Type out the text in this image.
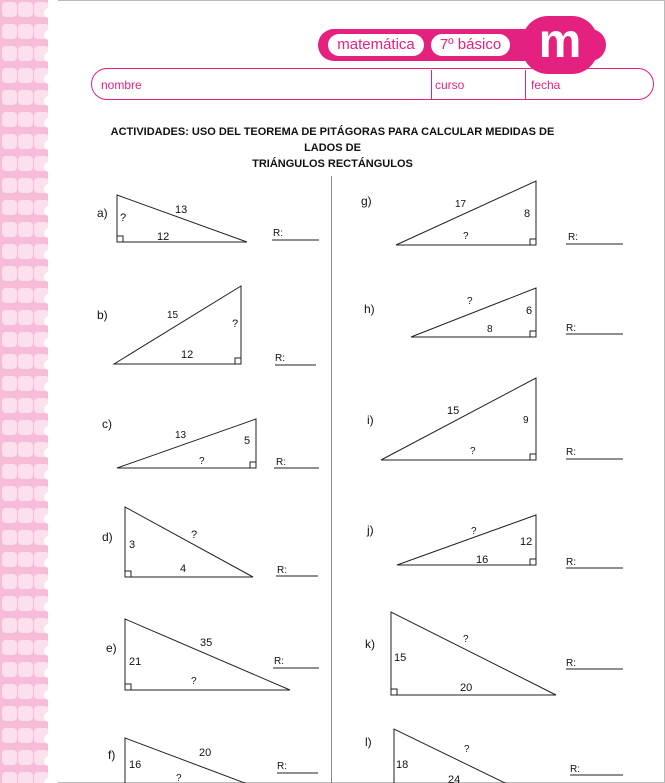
matemática	7º básico m
nombre	curso	fecha
ACTIVIDADES: USO DEL TEOREMA DE PITÁGORAS PARA CALCULAR MEDIDAS DE LADOS DE
TRIÁNGULOS RECTÁNGULOS
a) ?
13
12	R:
b)	15
?
12	R:
c)
13	5
?	R:
d)
3
?
4	R:
e)
21
35
?
R:
f)
16
20
?
R:
g)	17
8
?	R:
h)
?
6
8	R:
i)
15
9
?	R:
j)	?
12
16	R:
k)
15
?
20
R:
l)
18
?
24
R:
